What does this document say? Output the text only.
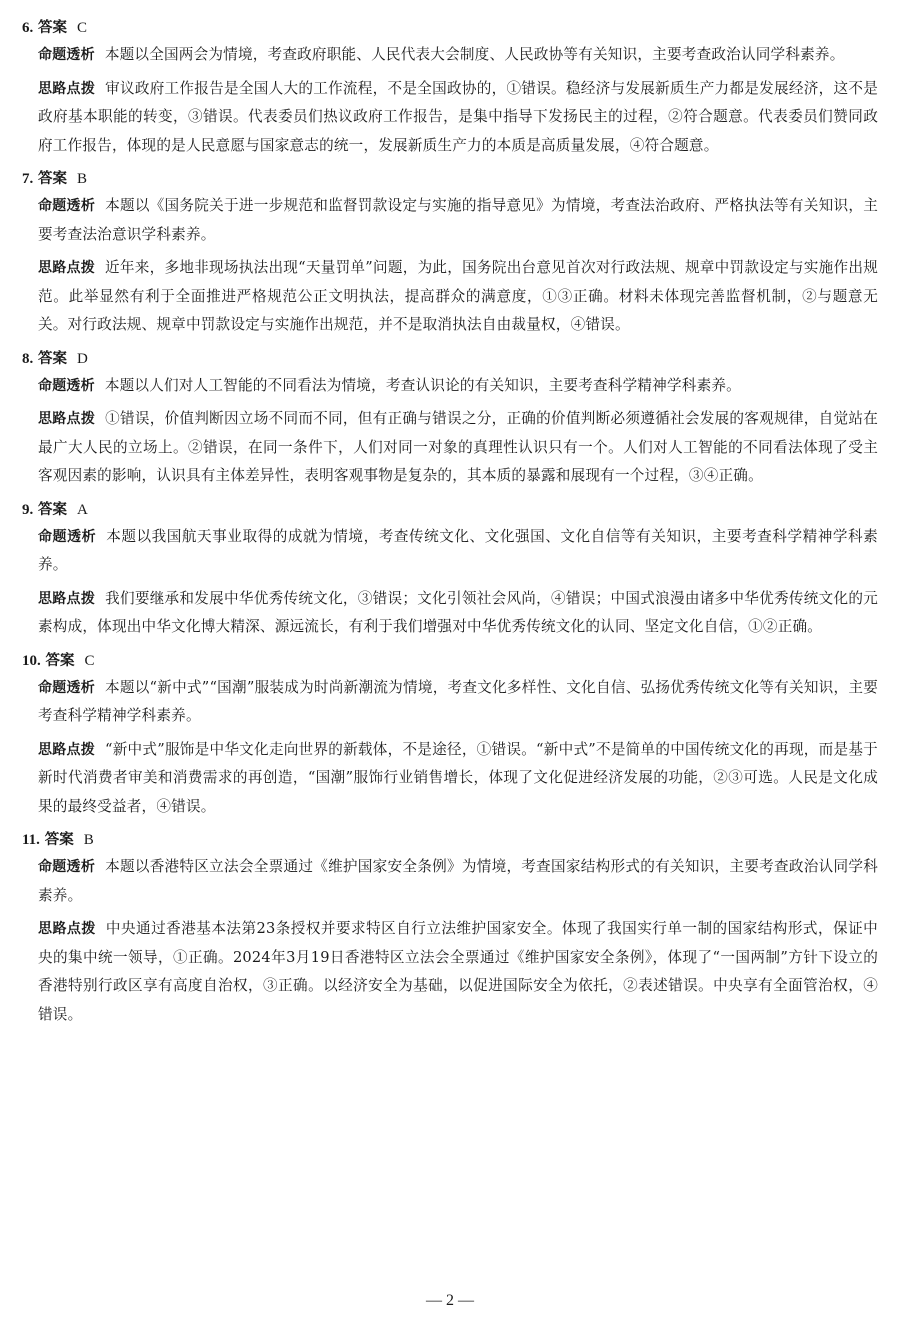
6. 答案 C

命题透析 本题以全国两会为情境，考查政府职能、人民代表大会制度、人民政协等有关知识，主要考查政治认同学科素养。

思路点拨 审议政府工作报告是全国人大的工作流程，不是全国政协的，①错误。稳经济与发展新质生产力都是发展经济，这不是政府基本职能的转变，③错误。代表委员们热议政府工作报告，是集中指导下发扬民主的过程，②符合题意。代表委员们赞同政府工作报告，体现的是人民意愿与国家意志的统一，发展新质生产力的本质是高质量发展，④符合题意。

7. 答案 B

命题透析 本题以《国务院关于进一步规范和监督罚款设定与实施的指导意见》为情境，考查法治政府、严格执法等有关知识，主要考查法治意识学科素养。

思路点拨 近年来，多地非现场执法出现“天量罚单”问题，为此，国务院出台意见首次对行政法规、规章中罚款设定与实施作出规范。此举显然有利于全面推进严格规范公正文明执法，提高群众的满意度，①③正确。材料未体现完善监督机制，②与题意无关。对行政法规、规章中罚款设定与实施作出规范，并不是取消执法自由裁量权，④错误。

8. 答案 D

命题透析 本题以人们对人工智能的不同看法为情境，考查认识论的有关知识，主要考查科学精神学科素养。

思路点拨 ①错误，价值判断因立场不同而不同，但有正确与错误之分，正确的价值判断必须遵循社会发展的客观规律，自觉站在最广大人民的立场上。②错误，在同一条件下，人们对同一对象的真理性认识只有一个。人们对人工智能的不同看法体现了受主客观因素的影响，认识具有主体差异性，表明客观事物是复杂的，其本质的暴露和展现有一个过程，③④正确。

9. 答案 A

命题透析 本题以我国航天事业取得的成就为情境，考查传统文化、文化强国、文化自信等有关知识，主要考查科学精神学科素养。

思路点拨 我们要继承和发展中华优秀传统文化，③错误；文化引领社会风尚，④错误；中国式浪漫由诸多中华优秀传统文化的元素构成，体现出中华文化博大精深、源远流长，有利于我们增强对中华优秀传统文化的认同、坚定文化自信，①②正确。

10. 答案 C

命题透析 本题以“新中式”“国潮”服装成为时尚新潮流为情境，考查文化多样性、文化自信、弘扬优秀传统文化等有关知识，主要考查科学精神学科素养。

思路点拨 “新中式”服饰是中华文化走向世界的新载体，不是途径，①错误。“新中式”不是简单的中国传统文化的再现，而是基于新时代消费者审美和消费需求的再创造，“国潮”服饰行业销售增长，体现了文化促进经济发展的功能，②③可选。人民是文化成果的最终受益者，④错误。

11. 答案 B

命题透析 本题以香港特区立法会全票通过《维护国家安全条例》为情境，考查国家结构形式的有关知识，主要考查政治认同学科素养。

思路点拨 中央通过香港基本法第23条授权并要求特区自行立法维护国家安全。体现了我国实行单一制的国家结构形式，保证中央的集中统一领导，①正确。2024年3月19日香港特区立法会全票通过《维护国家安全条例》，体现了“一国两制”方针下设立的香港特别行政区享有高度自治权，③正确。以经济安全为基础，以促进国际安全为依托，②表述错误。中央享有全面管治权，④错误。

— 2 —
